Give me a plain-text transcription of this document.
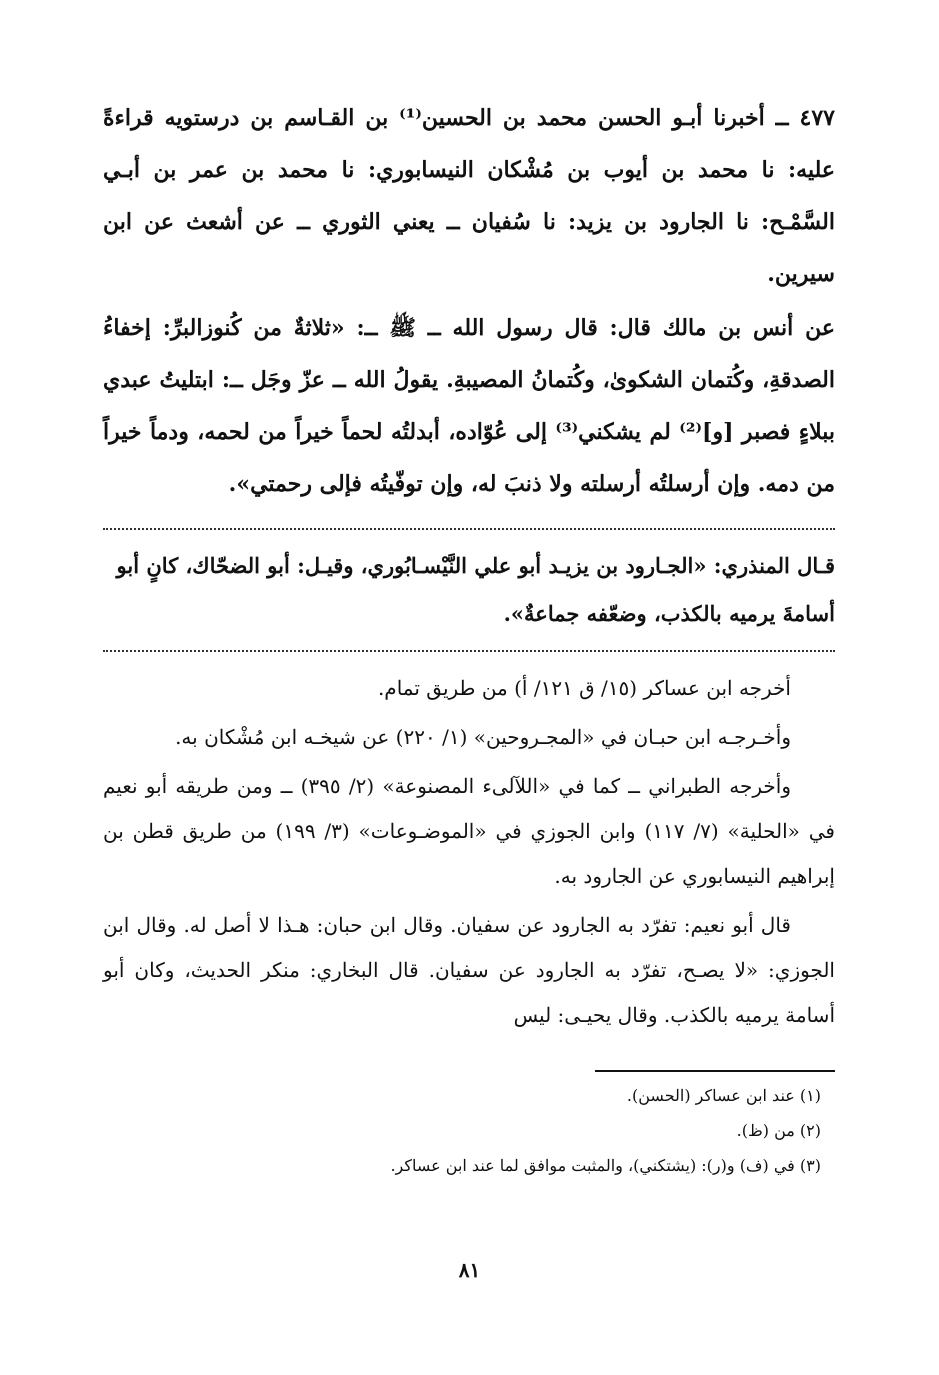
٤٧٧ ــ أخبرنا أبـو الحسن محمد بن الحسين⁽¹⁾ بن القـاسم بن درستويه قراءةً عليه: نا محمد بن أيوب بن مُشْكان النيسابوري: نا محمد بن عمر بن أبـي السَّمْـح: نا الجارود بن يزيد: نا سُفيان ــ يعني الثوري ــ عن أشعث عن ابن سيرين.

عن أنس بن مالك قال: قال رسول الله ــ ﷺ ــ: «ثلاثةٌ من كُنوزالبرِّ: إخفاءُ الصدقةِ، وكُتمان الشكوىٰ، وكُتمانُ المصيبةِ. يقولُ الله ــ عزّ وجَل ــ: ابتليتُ عبدي ببلاءٍ فصبر [و]⁽²⁾ لم يشكني⁽³⁾ إلى عُوّاده، أبدلتُه لحماً خيراً من لحمه، ودماً خيراً من دمه. وإن أرسلتُه أرسلته ولا ذنبَ له، وإن توفّيتُه فإلى رحمتي».

قـال المنذري: «الجـارود بن يزيـد أبو علي النَّيْسـابُوري، وقيـل: أبو الضحّاك، كانٍ أبو أسامةَ يرميه بالكذب، وضعّفه جماعةٌ».

أخرجه ابن عساكر (١٥/ ق ١٢١/ أ) من طريق تمام.

وأخـرجـه ابن حبـان في «المجـروحين» (١/ ٢٢٠) عن شيخـه ابن مُشْكان به.

وأخرجه الطبراني ــ كما في «اللآلىء المصنوعة» (٢/ ٣٩٥) ــ ومن طريقه أبو نعيم في «الحلية» (٧/ ١١٧) وابن الجوزي في «الموضـوعات» (٣/ ١٩٩) من طريق قطن بن إبراهيم النيسابوري عن الجارود به.

قال أبو نعيم: تفرّد به الجارود عن سفيان. وقال ابن حبان: هـذا لا أصل له. وقال ابن الجوزي: «لا يصـح، تفرّد به الجارود عن سفيان. قال البخاري: منكر الحديث، وكان أبو أسامة يرميه بالكذب. وقال يحيـى: ليس

(١) عند ابن عساكر (الحسن).
(٢) من (ظ).
(٣) في (ف) و(ر): (يشتكني)، والمثبت موافق لما عند ابن عساكر.
٨١
